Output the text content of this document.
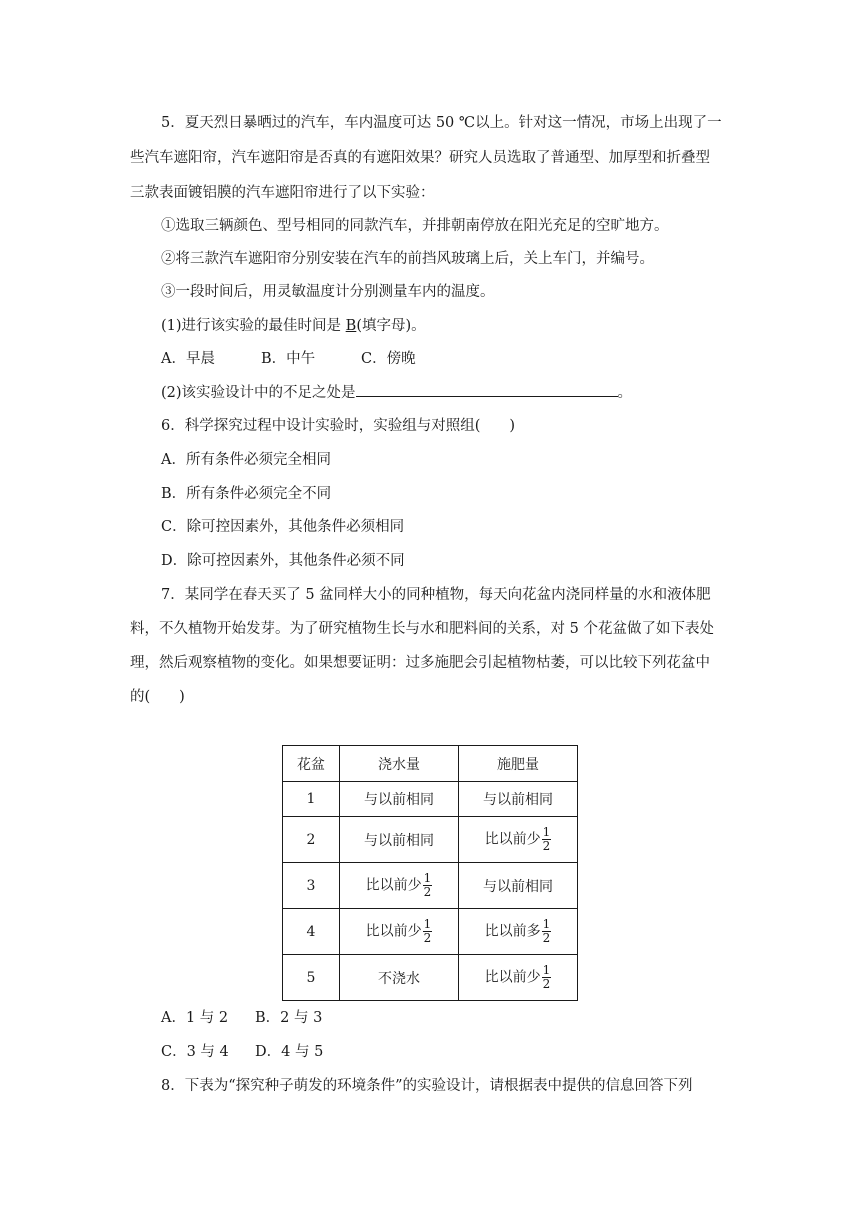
5．夏天烈日暴晒过的汽车，车内温度可达 50 ℃以上。针对这一情况，市场上出现了一
些汽车遮阳帘，汽车遮阳帘是否真的有遮阳效果？研究人员选取了普通型、加厚型和折叠型
三款表面镀铝膜的汽车遮阳帘进行了以下实验：
①选取三辆颜色、型号相同的同款汽车，并排朝南停放在阳光充足的空旷地方。
②将三款汽车遮阳帘分别安装在汽车的前挡风玻璃上后，关上车门，并编号。
③一段时间后，用灵敏温度计分别测量车内的温度。
(1)进行该实验的最佳时间是 B(填字母)。
A．早晨	B．中午	C．傍晚
(2)该实验设计中的不足之处是	。
6．科学探究过程中设计实验时，实验组与对照组(　　)
A．所有条件必须完全相同
B．所有条件必须完全不同
C．除可控因素外，其他条件必须相同
D．除可控因素外，其他条件必须不同
7．某同学在春天买了 5 盆同样大小的同种植物，每天向花盆内浇同样量的水和液体肥
料，不久植物开始发芽。为了研究植物生长与水和肥料间的关系，对 5 个花盆做了如下表处
理，然后观察植物的变化。如果想要证明：过多施肥会引起植物枯萎，可以比较下列花盆中
的(　　)
花盆	浇水量	施肥量
1	与以前相同	与以前相同
2	与以前相同	比以前少 $\frac{1}{2}$

3	比以前少 $\frac{1}{2}$	与以前相同
4	比以前少 $\frac{1}{2}$	比以前多 $\frac{1}{2}$

5	不浇水	比以前少 $\frac{1}{2}$
A．1 与 2 B．2 与 3
C．3 与 4 D．4 与 5
8．下表为“探究种子萌发的环境条件”的实验设计，请根据表中提供的信息回答下列
